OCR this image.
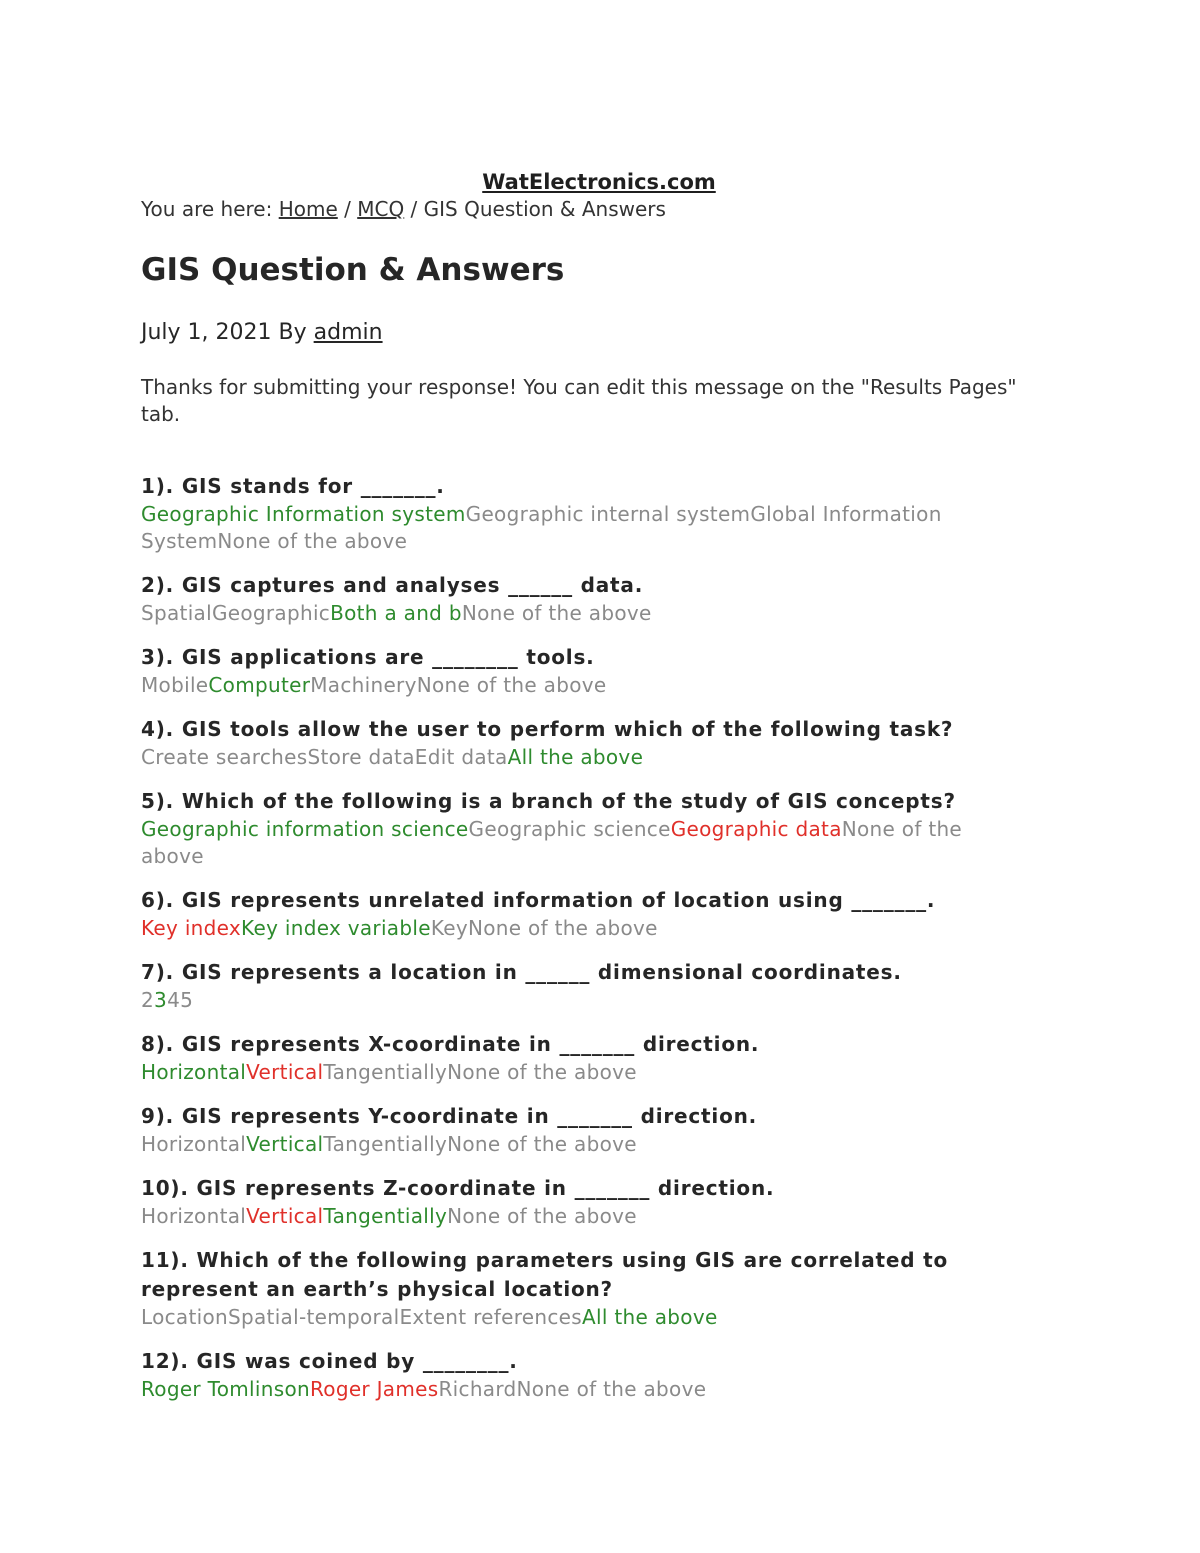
WatElectronics.com

You are here: Home / MCQ / GIS Question & Answers

GIS Question & Answers

July 1, 2021 By admin

Thanks for submitting your response! You can edit this message on the "Results Pages" tab.

1). GIS stands for _______.

Geographic Information systemGeographic internal systemGlobal Information SystemNone of the above

2). GIS captures and analyses ______ data.

SpatialGeographicBoth a and bNone of the above

3). GIS applications are ________ tools.

MobileComputerMachineryNone of the above

4). GIS tools allow the user to perform which of the following task?

Create searchesStore dataEdit dataAll the above

5). Which of the following is a branch of the study of GIS concepts?

Geographic information scienceGeographic scienceGeographic dataNone of the above

6). GIS represents unrelated information of location using _______.

Key indexKey index variableKeyNone of the above

7). GIS represents a location in ______ dimensional coordinates.

2345

8). GIS represents X-coordinate in _______ direction.

HorizontalVerticalTangentiallyNone of the above

9). GIS represents Y-coordinate in _______ direction.

HorizontalVerticalTangentiallyNone of the above

10). GIS represents Z-coordinate in _______ direction.

HorizontalVerticalTangentiallyNone of the above

11). Which of the following parameters using GIS are correlated to represent an earth’s physical location?

LocationSpatial-temporalExtent referencesAll the above

12). GIS was coined by ________.

Roger TomlinsonRoger JamesRichardNone of the above
